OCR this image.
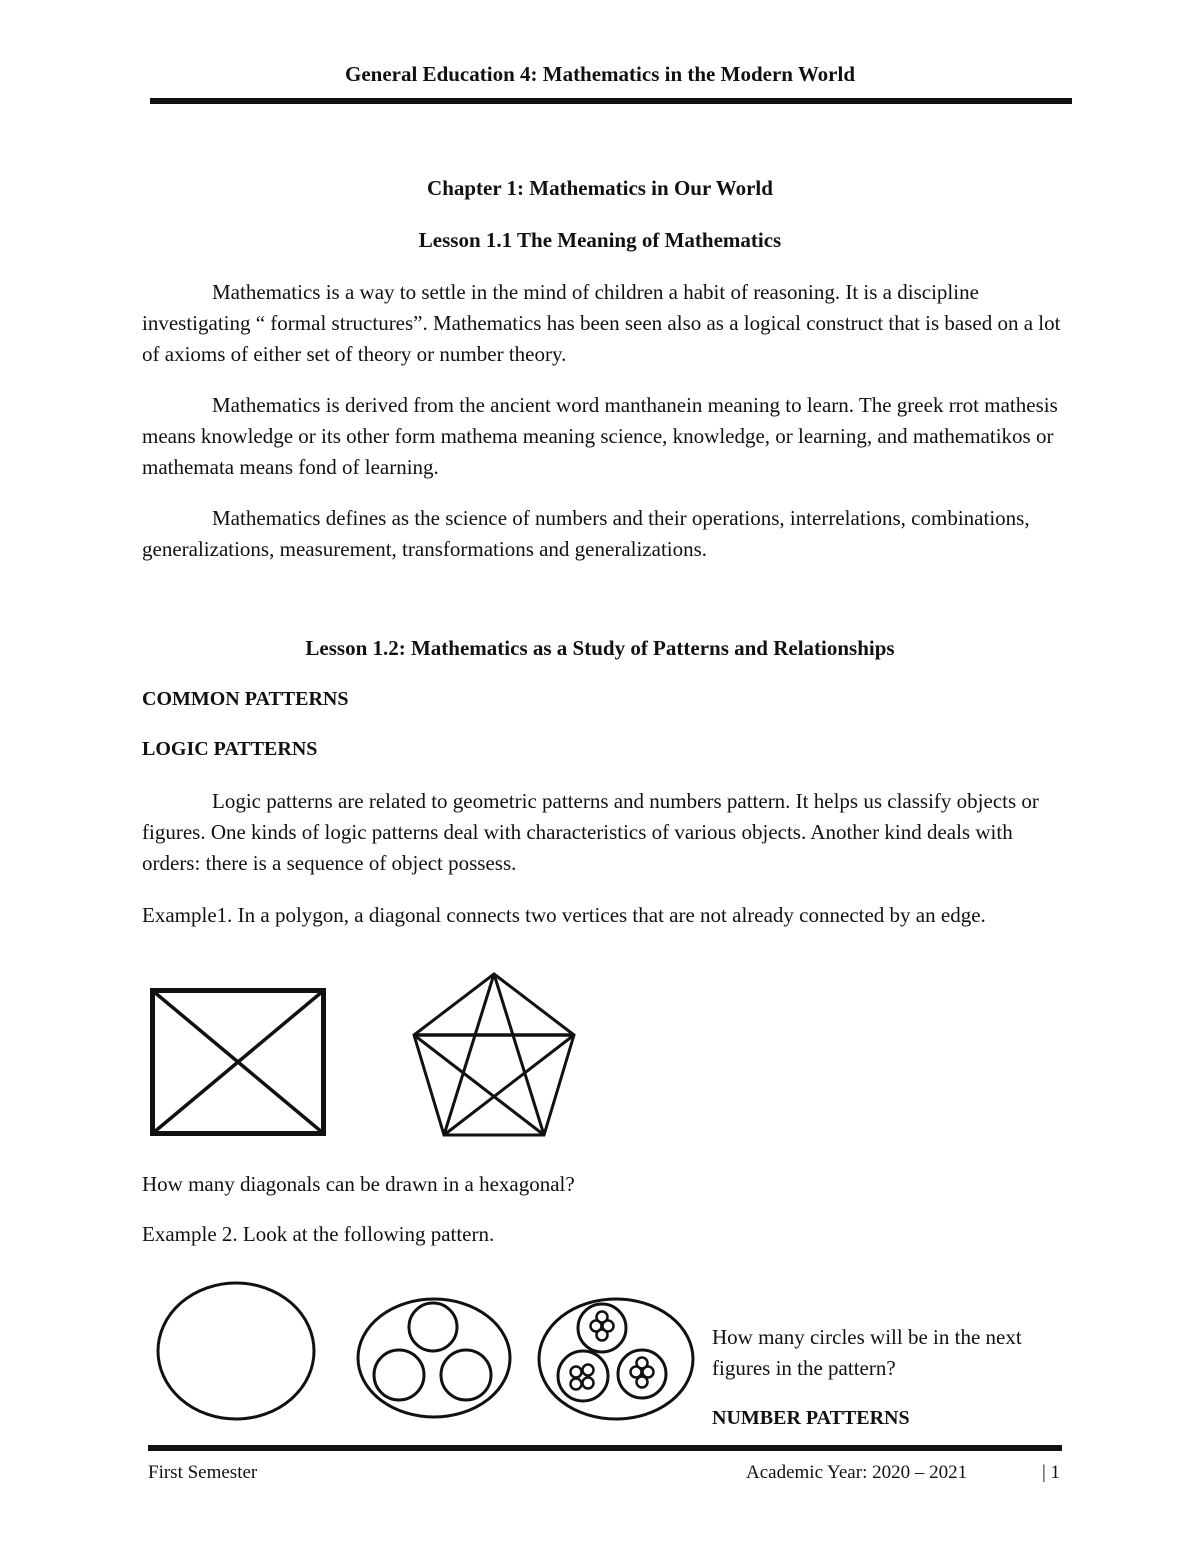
General Education 4: Mathematics in the Modern World
Chapter 1: Mathematics in Our World
Lesson 1.1 The Meaning of Mathematics
Mathematics is a way to settle in the mind of children a habit of reasoning. It is a discipline investigating “ formal structures”. Mathematics has been seen also as a logical construct that is based on a lot of axioms of either set of theory or number theory.
Mathematics is derived from the ancient word manthanein meaning to learn. The greek rrot mathesis means knowledge or its other form mathema meaning science, knowledge, or learning, and mathematikos or mathemata means fond of learning.
Mathematics defines as the science of numbers and their operations, interrelations, combinations, generalizations, measurement, transformations and generalizations.
Lesson 1.2: Mathematics as a Study of Patterns and Relationships
COMMON PATTERNS
LOGIC PATTERNS
Logic patterns are related to geometric patterns and numbers pattern. It helps us classify objects or figures. One kinds of logic patterns deal with characteristics of various objects. Another kind deals with orders: there is a sequence of object possess.
Example1. In a polygon, a diagonal connects two vertices that are not already connected by an edge.
How many diagonals can be drawn in a hexagonal?
Example 2. Look at the following pattern.
How many circles will be in the next figures in the pattern?
NUMBER PATTERNS
First Semester	Academic Year: 2020 – 2021	| 1
